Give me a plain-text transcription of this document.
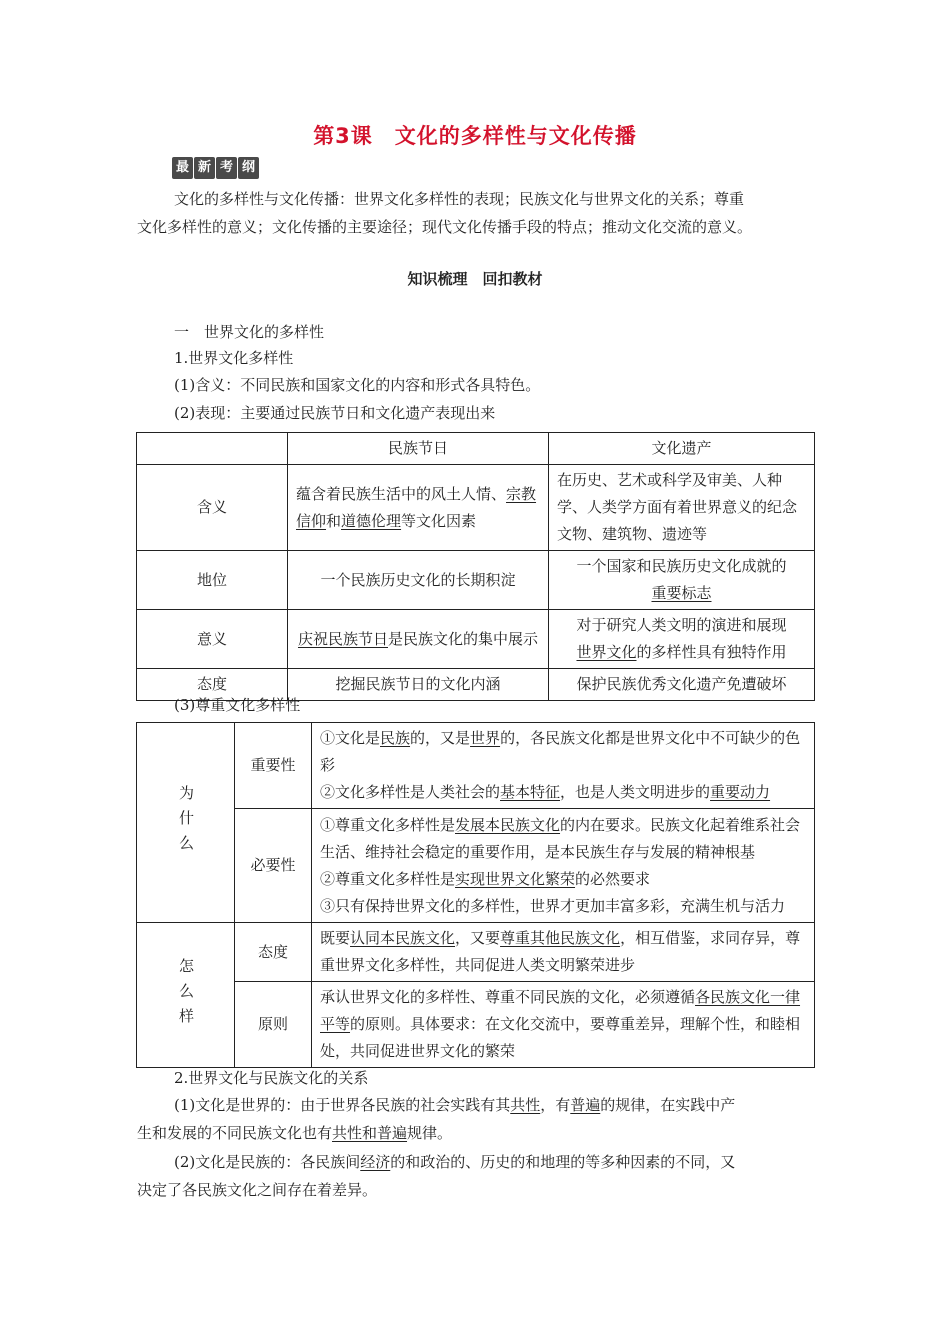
第3课　文化的多样性与文化传播
最 新 考 纲
文化的多样性与文化传播：世界文化多样性的表现；民族文化与世界文化的关系；尊重
文化多样性的意义；文化传播的主要途径；现代文化传播手段的特点；推动文化交流的意义。
知识梳理　回扣教材
一　世界文化的多样性
1.世界文化多样性
(1)含义：不同民族和国家文化的内容和形式各具特色。
(2)表现：主要通过民族节日和文化遗产表现出来
	民族节日	文化遗产
含义	蕴含着民族生活中的风土人情、宗教信仰和道德伦理等文化因素	在历史、艺术或科学及审美、人种学、人类学方面有着世界意义的纪念文物、建筑物、遗迹等
地位	一个民族历史文化的长期积淀	一个国家和民族历史文化成就的
重要标志
意义	庆祝民族节日是民族文化的集中展示	对于研究人类文明的演进和展现
世界文化的多样性具有独特作用
态度	挖掘民族节日的文化内涵	保护民族优秀文化遗产免遭破坏
(3)尊重文化多样性
为什么	重要性	①文化是民族的，又是世界的，各民族文化都是世界文化中不可缺少的色彩
②文化多样性是人类社会的基本特征，也是人类文明进步的重要动力
	必要性	①尊重文化多样性是发展本民族文化的内在要求。民族文化起着维系社会生活、维持社会稳定的重要作用，是本民族生存与发展的精神根基
②尊重文化多样性是实现世界文化繁荣的必然要求
③只有保持世界文化的多样性，世界才更加丰富多彩，充满生机与活力
怎么样	态度	既要认同本民族文化，又要尊重其他民族文化，相互借鉴，求同存异，尊重世界文化多样性，共同促进人类文明繁荣进步
	原则	承认世界文化的多样性、尊重不同民族的文化，必须遵循各民族文化一律平等的原则。具体要求：在文化交流中，要尊重差异，理解个性，和睦相处，共同促进世界文化的繁荣
2.世界文化与民族文化的关系
(1)文化是世界的：由于世界各民族的社会实践有其共性，有普遍的规律，在实践中产
生和发展的不同民族文化也有共性和普遍规律。
(2)文化是民族的：各民族间经济的和政治的、历史的和地理的等多种因素的不同，又
决定了各民族文化之间存在着差异。
